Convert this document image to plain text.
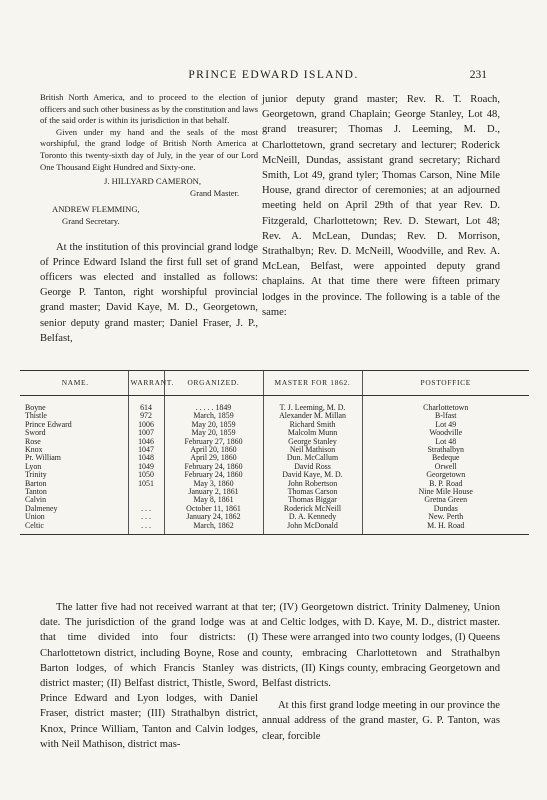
PRINCE EDWARD ISLAND.	231

British North America, and to proceed to the election of officers and such other business as by the constitution and laws of the said order is within its jurisdiction in that behalf.

Given under my hand and the seals of the most worshipful, the grand lodge of British North America at Toronto this twenty-sixth day of July, in the year of our Lord One Thousand Eight Hundred and Sixty-one.

J. HILLYARD CAMERON,
Grand Master.
ANDREW FLEMMING,
Grand Secretary.

At the institution of this provincial grand lodge of Prince Edward Island the first full set of grand officers was elected and installed as follows: George P. Tanton, right worshipful provincial grand master; David Kaye, M. D., Georgetown, senior deputy grand master; Daniel Fraser, J. P., Belfast,

junior deputy grand master; Rev. R. T. Roach, Georgetown, grand Chaplain; George Stanley, Lot 48, grand treasurer; Thomas J. Leeming, M. D., Charlottetown, grand secretary and lecturer; Roderick McNeill, Dundas, assistant grand secretary; Richard Smith, Lot 49, grand tyler; Thomas Carson, Nine Mile House, grand director of ceremonies; at an adjourned meeting held on April 29th of that year Rev. D. Fitzgerald, Charlottetown; Rev. D. Stewart, Lot 48; Rev. A. McLean, Dundas; Rev. D. Morrison, Strathalbyn; Rev. D. McNeill, Woodville, and Rev. A. McLean, Belfast, were appointed deputy grand chaplains. At that time there were fifteen primary lodges in the province. The following is a table of the same:

NAME.	WARRANT.	ORGANIZED.	MASTER FOR 1862.	POSTOFFICE
Boyne	614	. . . . . 1849	T. J. Leeming, M. D.	Charlottetown
Thistle	972	March, 1859	Alexander M. Millan	B-lfast
Prince Edward	1006	May 20, 1859	Richard Smith	Lot 49
Sword	1007	May 20, 1859	Malcolm Munn	Woodville
Rose	1046	February 27, 1860	George Stanley	Lot 48
Knox	1047	April 20, 1860	Neil Mathison	Strathalbyn
Pr. William	1048	April 29, 1860	Dun. McCallum	Bedeque
Lyon	1049	February 24, 1860	David Ross	Orwell
Trinity	1050	February 24, 1860	David Kaye, M. D.	Georgetown
Barton	1051	May 3, 1860	John Robertson	B. P. Road
Tanton		January 2, 1861	Thomas Carson	Nine Mile House
Calvin		May 8, 1861	Thomas Biggar	Gretna Green
Dalmeney	. . .	October 11, 1861	Roderick McNeill	Dundas
Union	. . .	January 24, 1862	D. A. Kennedy	New. Perth
Celtic	. . .	March, 1862	John McDonald	M. H. Road

The latter five had not received warrant at that date. The jurisdiction of the grand lodge was at that time divided into four districts: (I) Charlottetown district, including Boyne, Rose and Barton lodges, of which Francis Stanley was district master; (II) Belfast district, Thistle, Sword, Prince Edward and Lyon lodges, with Daniel Fraser, district master; (III) Strathalbyn district, Knox, Prince William, Tanton and Calvin lodges, with Neil Mathison, district mas-

ter; (IV) Georgetown district. Trinity Dalmeney, Union and Celtic lodges, with D. Kaye, M. D., district master. These were arranged into two county lodges, (I) Queens county, embracing Charlottetown and Strathalbyn districts, (II) Kings county, embracing Georgetown and Belfast districts.

At this first grand lodge meeting in our province the annual address of the grand master, G. P. Tanton, was clear, forcible
